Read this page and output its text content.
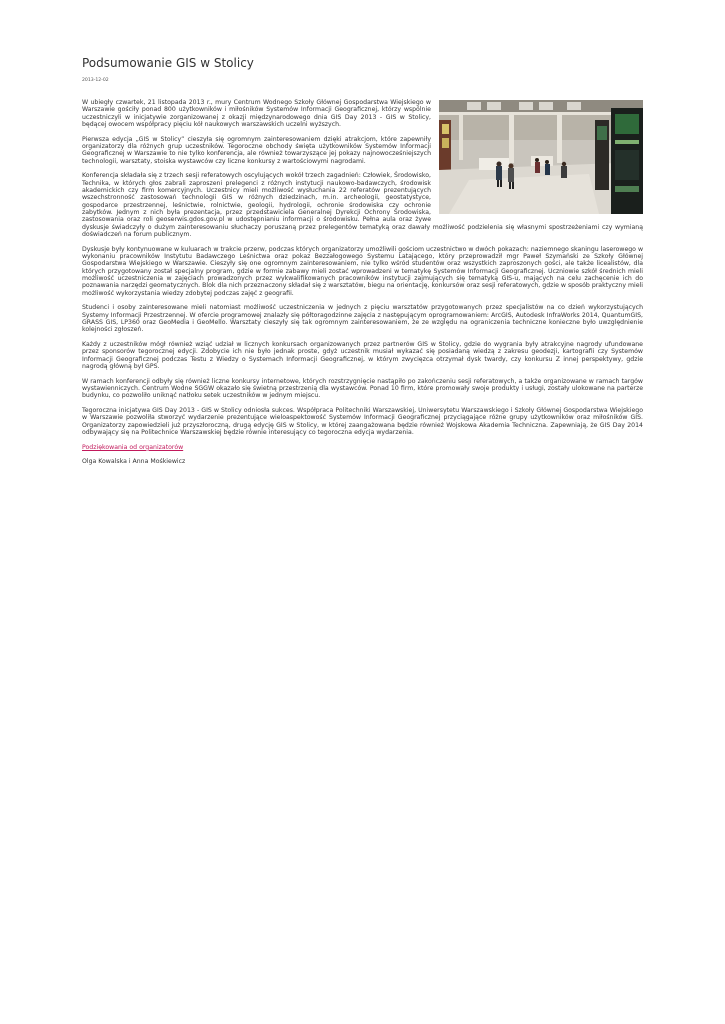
Podsumowanie GIS w Stolicy
2013-12-02

W ubiegły czwartek, 21 listopada 2013 r., mury Centrum Wodnego Szkoły Głównej Gospodarstwa Wiejskiego w Warszawie gościły ponad 800 użytkowników i miłośników Systemów Informacji Geograficznej, którzy wspólnie uczestniczyli w inicjatywie zorganizowanej z okazji międzynarodowego dnia GIS Day 2013 - GIS w Stolicy, będącej owocem współpracy pięciu kół naukowych warszawskich uczelni wyższych.

Pierwsza edycja „GIS w Stolicy” cieszyła się ogromnym zainteresowaniem dzięki atrakcjom, które zapewniły organizatorzy dla różnych grup uczestników. Tegoroczne obchody święta użytkowników Systemów Informacji Geograficznej w Warszawie to nie tylko konferencja, ale również towarzyszące jej pokazy najnowocześniejszych technologii, warsztaty, stoiska wystawców czy liczne konkursy z wartościowymi nagrodami.

Konferencja składała się z trzech sesji referatowych oscylujących wokół trzech zagadnień: Człowiek, Środowisko, Technika, w których głos zabrali zaproszeni prelegenci z różnych instytucji naukowo-badawczych, środowisk akademickich czy firm komercyjnych. Uczestnicy mieli możliwość wysłuchania 22 referatów prezentujących wszechstronność zastosowań technologii GIS w różnych dziedzinach, m.in. archeologii, geostatystyce, gospodarce przestrzennej, leśnictwie, rolnictwie, geologii, hydrologii, ochronie środowiska czy ochronie zabytków. Jednym z nich była prezentacja, przez przedstawiciela Generalnej Dyrekcji Ochrony Środowiska, zastosowania oraz roli geoserwis.gdos.gov.pl w udostępnianiu informacji o środowisku. Pełna aula oraz żywe dyskusje świadczyły o dużym zainteresowaniu słuchaczy poruszaną przez prelegentów tematyką oraz dawały możliwość podzielenia się własnymi spostrzeżeniami czy wymianą doświadczeń na forum publicznym.

Dyskusje były kontynuowane w kuluarach w trakcie przerw, podczas których organizatorzy umożliwili gościom uczestnictwo w dwóch pokazach: naziemnego skaningu laserowego w wykonaniu pracowników Instytutu Badawczego Leśnictwa oraz pokaz Bezzałogowego Systemu Latającego, który przeprowadził mgr Paweł Szymański ze Szkoły Głównej Gospodarstwa Wiejskiego w Warszawie. Cieszyły się one ogromnym zainteresowaniem, nie tylko wśród studentów oraz wszystkich zaproszonych gości, ale także licealistów, dla których przygotowany został specjalny program, gdzie w formie zabawy mieli zostać wprowadzeni w tematykę Systemów Informacji Geograficznej. Uczniowie szkół średnich mieli możliwość uczestniczenia w zajęciach prowadzonych przez wykwalifikowanych pracowników instytucji zajmujących się tematyką GIS-u, mających na celu zachęcenie ich do poznawania narzędzi geomatycznych. Blok dla nich przeznaczony składał się z warsztatów, biegu na orientację, konkursów oraz sesji referatowych, gdzie w sposób praktyczny mieli możliwość wykorzystania wiedzy zdobytej podczas zajęć z geografii.

Studenci i osoby zainteresowane mieli natomiast możliwość uczestniczenia w jednych z pięciu warsztatów przygotowanych przez specjalistów na co dzień wykorzystujących Systemy Informacji Przestrzennej. W ofercie programowej znalazły się półtoragodzinne zajęcia z następującym oprogramowaniem: ArcGIS, Autodesk InfraWorks 2014, QuantumGIS, GRASS GIS, LP360 oraz GeoMedia i GeoMello. Warsztaty cieszyły się tak ogromnym zainteresowaniem, że ze względu na ograniczenia techniczne konieczne było uwzględnienie kolejności zgłoszeń.

Każdy z uczestników mógł również wziąć udział w licznych konkursach organizowanych przez partnerów GIS w Stolicy, gdzie do wygrania były atrakcyjne nagrody ufundowane przez sponsorów tegorocznej edycji. Zdobycie ich nie było jednak proste, gdyż uczestnik musiał wykazać się posiadaną wiedzą z zakresu geodezji, kartografii czy Systemów Informacji Geograficznej podczas Testu z Wiedzy o Systemach Informacji Geograficznej, w którym zwycięzca otrzymał dysk twardy, czy konkursu Z innej perspektywy, gdzie nagrodą główną był GPS.

W ramach konferencji odbyły się również liczne konkursy internetowe, których rozstrzygnięcie nastąpiło po zakończeniu sesji referatowych, a także organizowane w ramach targów wystawienniczych. Centrum Wodne SGGW okazało się świetną przestrzenią dla wystawców. Ponad 10 firm, które promowały swoje produkty i usługi, zostały ulokowane na parterze budynku, co pozwoliło uniknąć natłoku setek uczestników w jednym miejscu.

Tegoroczna inicjatywa GIS Day 2013 - GIS w Stolicy odniosła sukces. Współpraca Politechniki Warszawskiej, Uniwersytetu Warszawskiego i Szkoły Głównej Gospodarstwa Wiejskiego w Warszawie pozwoliła stworzyć wydarzenie prezentujące wieloaspektowość Systemów Informacji Geograficznej przyciągające różne grupy użytkowników oraz miłośników GIS. Organizatorzy zapowiedzieli już przyszłoroczną, drugą edycję GIS w Stolicy, w której zaangażowana będzie również Wojskowa Akademia Techniczna. Zapewniają, że GIS Day 2014 odbywający się na Politechnice Warszawskiej będzie równie interesujący co tegoroczna edycja wydarzenia.

Podziękowania od organizatorów

Olga Kowalska i Anna Mośkiewicz
